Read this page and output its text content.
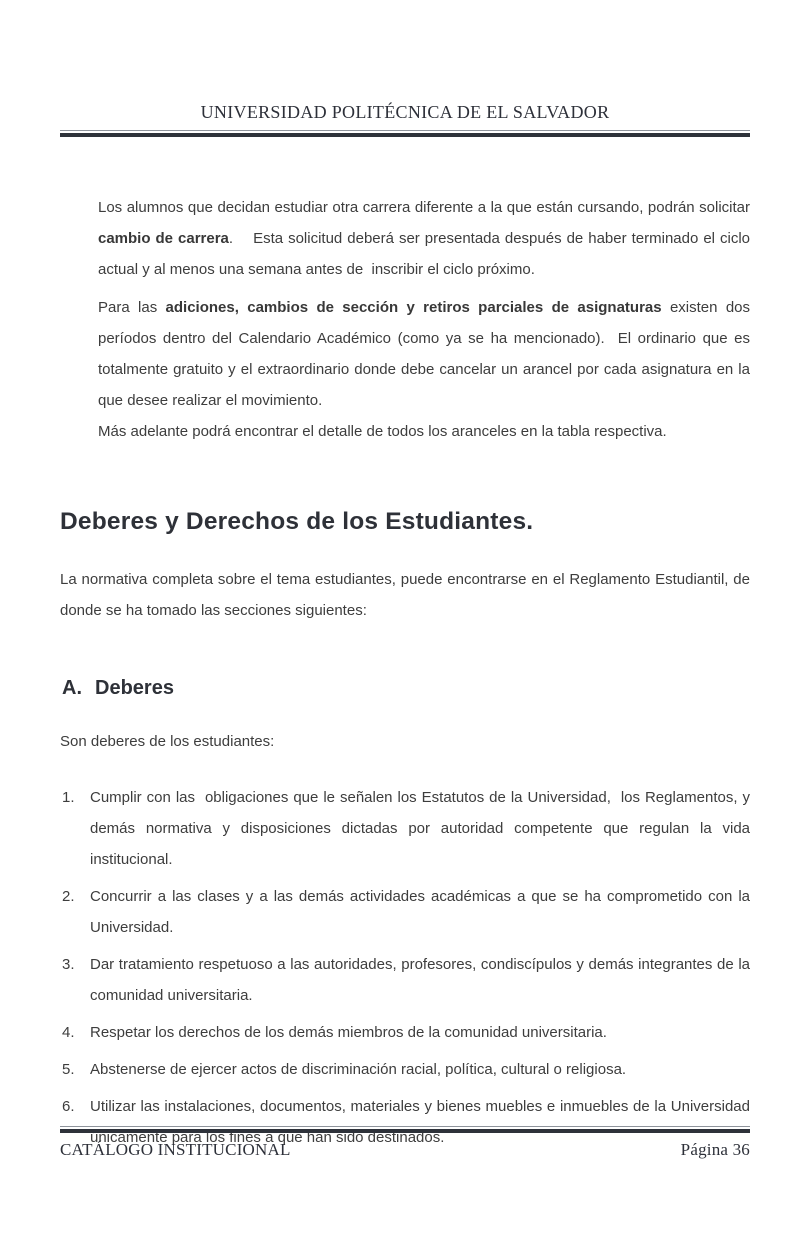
UNIVERSIDAD POLITÉCNICA DE EL SALVADOR

Los alumnos que decidan estudiar otra carrera diferente a la que están cursando, podrán solicitar cambio de carrera.    Esta solicitud deberá ser presentada después de haber terminado el ciclo actual y al menos una semana antes de  inscribir el ciclo próximo.

Para las adiciones, cambios de sección y retiros parciales de asignaturas existen dos períodos dentro del Calendario Académico (como ya se ha mencionado).  El ordinario que es totalmente gratuito y el extraordinario donde debe cancelar un arancel por cada asignatura en la que desee realizar el movimiento.

Más adelante podrá encontrar el detalle de todos los aranceles en la tabla respectiva.

Deberes y Derechos de los Estudiantes.

La normativa completa sobre el tema estudiantes, puede encontrarse en el Reglamento Estudiantil, de donde se ha tomado las secciones siguientes:

A. Deberes

Son deberes de los estudiantes:

1. Cumplir con las  obligaciones que le señalen los Estatutos de la Universidad,  los Reglamentos, y demás normativa y disposiciones dictadas por autoridad competente que regulan la vida institucional.
2. Concurrir a las clases y a las demás actividades académicas a que se ha comprometido con la Universidad.
3. Dar tratamiento respetuoso a las autoridades, profesores, condiscípulos y demás integrantes de la comunidad universitaria.
4. Respetar los derechos de los demás miembros de la comunidad universitaria.
5. Abstenerse de ejercer actos de discriminación racial, política, cultural o religiosa.
6. Utilizar las instalaciones, documentos, materiales y bienes muebles e inmuebles de la Universidad únicamente para los fines a que han sido destinados.
CATÁLOGO INSTITUCIONAL	Página 36
